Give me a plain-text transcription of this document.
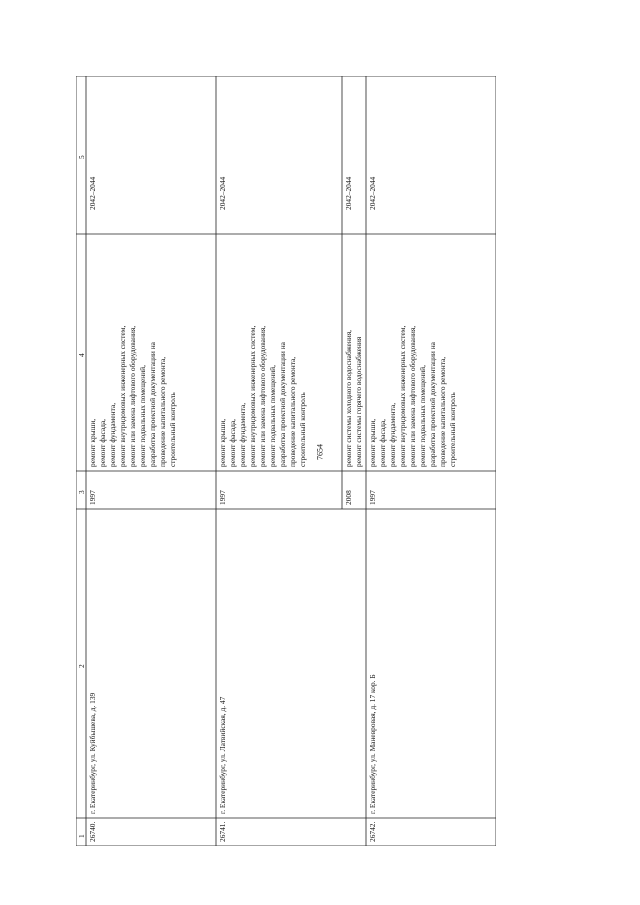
7654
1
2
3
4
5
26740.
г. Екатеринбург, ул. Куйбышева, д. 139
1997
ремонт крыши, ремонт фасада, ремонт фундамента, ремонт внутридомовых инженерных систем, ремонт или замена лифтового оборудования, ремонт подвальных помещений, разработка проектной документации на проведение капитального ремонта, строительный контроль
2042–2044
26741.
г. Екатеринбург, ул. Латвийская, д. 47
1997
ремонт крыши, ремонт фасада, ремонт фундамента, ремонт внутридомовых инженерных систем, ремонт или замена лифтового оборудования, ремонт подвальных помещений, разработка проектной документации на проведение капитального ремонта, строительный контроль
2042–2044
2008
ремонт системы холодного водоснабжения, ремонт системы горячего водоснабжения
2042–2044
26742.
г. Екатеринбург, ул. Маневровая, д. 17 кор. Б
1997
ремонт крыши, ремонт фасада, ремонт фундамента, ремонт внутридомовых инженерных систем, ремонт или замена лифтового оборудования, ремонт подвальных помещений, разработка проектной документации на проведение капитального ремонта, строительный контроль
2042–2044
